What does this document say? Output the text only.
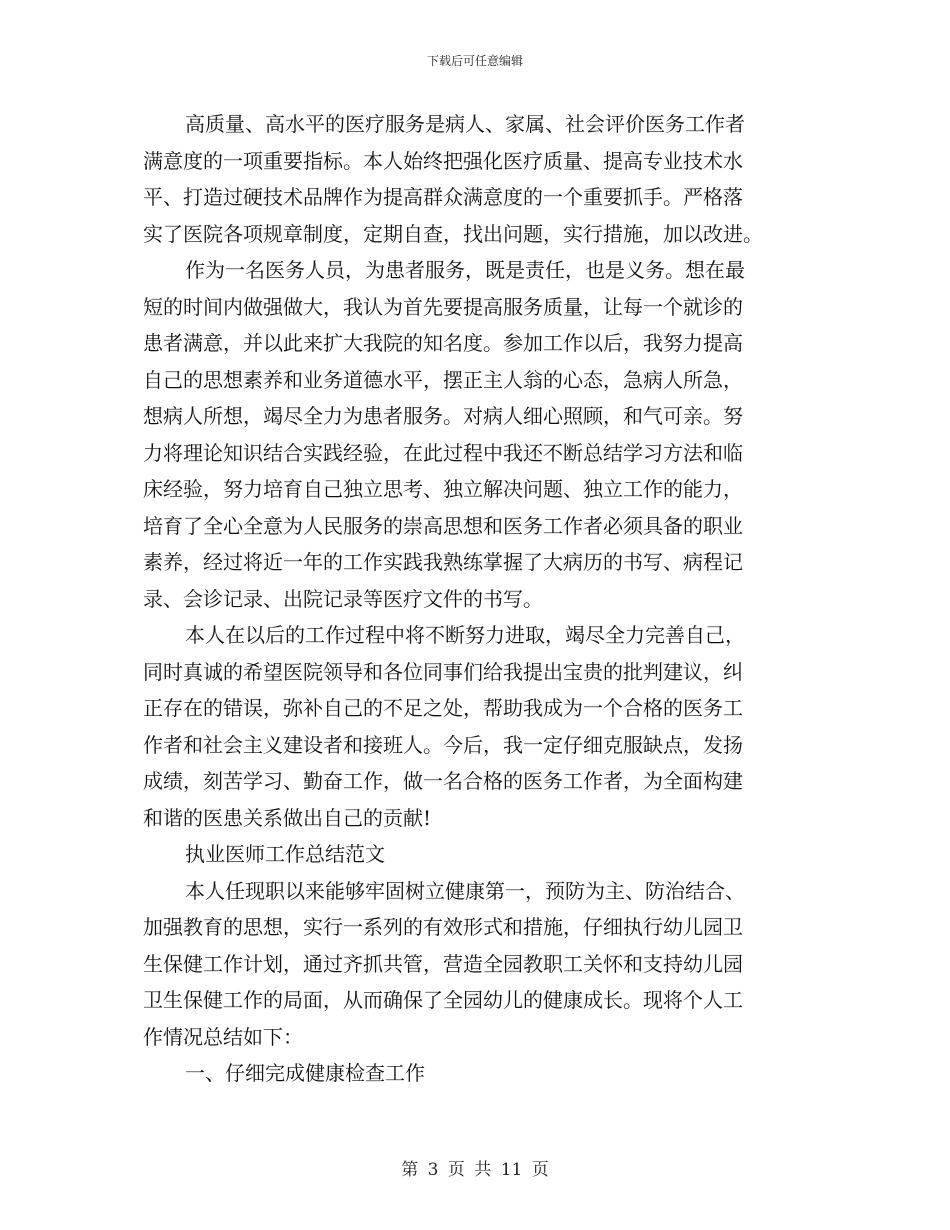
下载后可任意编辑
高质量、高水平的医疗服务是病人、家属、社会评价医务工作者
满意度的一项重要指标。本人始终把强化医疗质量、提高专业技术水
平、打造过硬技术品牌作为提高群众满意度的一个重要抓手。严格落
实了医院各项规章制度，定期自查，找出问题，实行措施，加以改进。
作为一名医务人员，为患者服务，既是责任，也是义务。想在最
短的时间内做强做大，我认为首先要提高服务质量，让每一个就诊的
患者满意，并以此来扩大我院的知名度。参加工作以后，我努力提高
自己的思想素养和业务道德水平，摆正主人翁的心态，急病人所急，
想病人所想，竭尽全力为患者服务。对病人细心照顾，和气可亲。努
力将理论知识结合实践经验，在此过程中我还不断总结学习方法和临
床经验，努力培育自己独立思考、独立解决问题、独立工作的能力，
培育了全心全意为人民服务的崇高思想和医务工作者必须具备的职业
素养，经过将近一年的工作实践我熟练掌握了大病历的书写、病程记
录、会诊记录、出院记录等医疗文件的书写。
本人在以后的工作过程中将不断努力进取，竭尽全力完善自己，
同时真诚的希望医院领导和各位同事们给我提出宝贵的批判建议，纠
正存在的错误，弥补自己的不足之处，帮助我成为一个合格的医务工
作者和社会主义建设者和接班人。今后，我一定仔细克服缺点，发扬
成绩，刻苦学习、勤奋工作，做一名合格的医务工作者，为全面构建
和谐的医患关系做出自己的贡献!
执业医师工作总结范文
本人任现职以来能够牢固树立健康第一，预防为主、防治结合、
加强教育的思想，实行一系列的有效形式和措施，仔细执行幼儿园卫
生保健工作计划，通过齐抓共管，营造全园教职工关怀和支持幼儿园
卫生保健工作的局面，从而确保了全园幼儿的健康成长。现将个人工
作情况总结如下：
一、仔细完成健康检查工作
第 3 页 共 11 页
